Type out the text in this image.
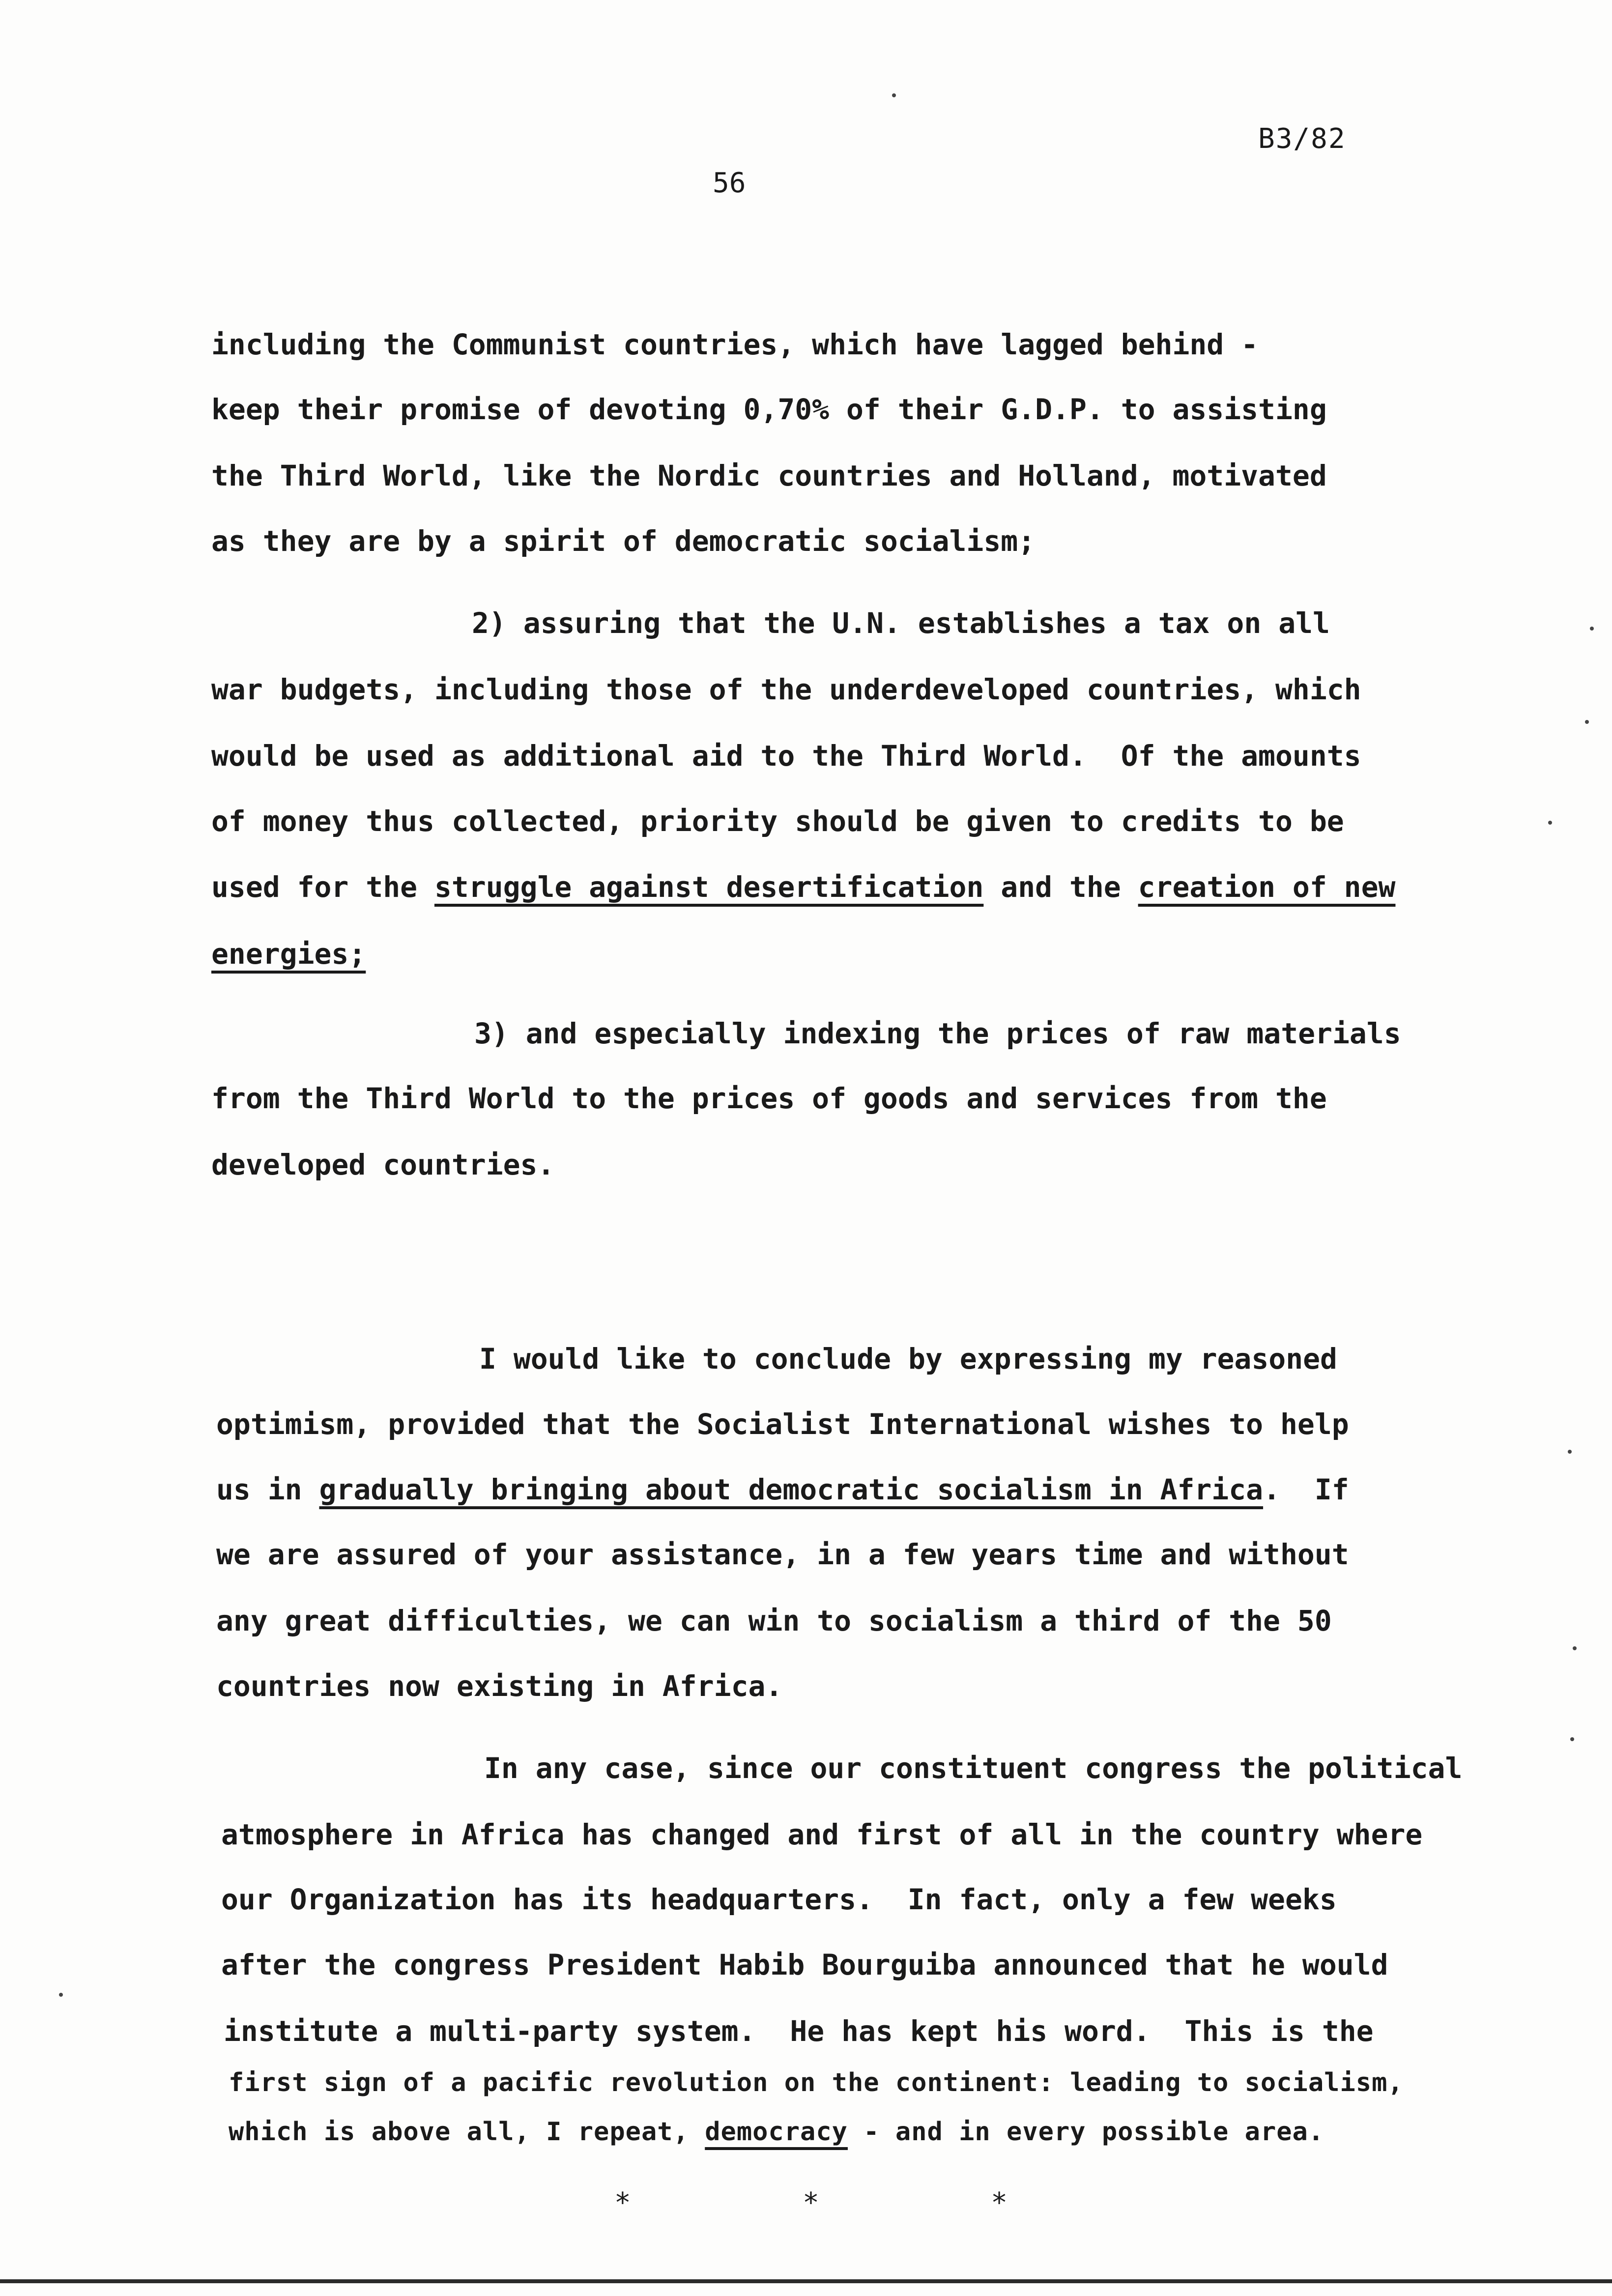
B3/82
56
including the Communist countries, which have lagged behind -
keep their promise of devoting 0,70% of their G.D.P. to assisting
the Third World, like the Nordic countries and Holland, motivated
as they are by a spirit of democratic socialism;
2) assuring that the U.N. establishes a tax on all
war budgets, including those of the underdeveloped countries, which
would be used as additional aid to the Third World.  Of the amounts
of money thus collected, priority should be given to credits to be
used for the struggle against desertification and the creation of new
energies;
3) and especially indexing the prices of raw materials
from the Third World to the prices of goods and services from the
developed countries.
I would like to conclude by expressing my reasoned
optimism, provided that the Socialist International wishes to help
us in gradually bringing about democratic socialism in Africa.  If
we are assured of your assistance, in a few years time and without
any great difficulties, we can win to socialism a third of the 50
countries now existing in Africa.
In any case, since our constituent congress the political
atmosphere in Africa has changed and first of all in the country where
our Organization has its headquarters.  In fact, only a few weeks
after the congress President Habib Bourguiba announced that he would
institute a multi-party system.  He has kept his word.  This is the
first sign of a pacific revolution on the continent: leading to socialism,
which is above all, I repeat, democracy - and in every possible area.
*	*	*
